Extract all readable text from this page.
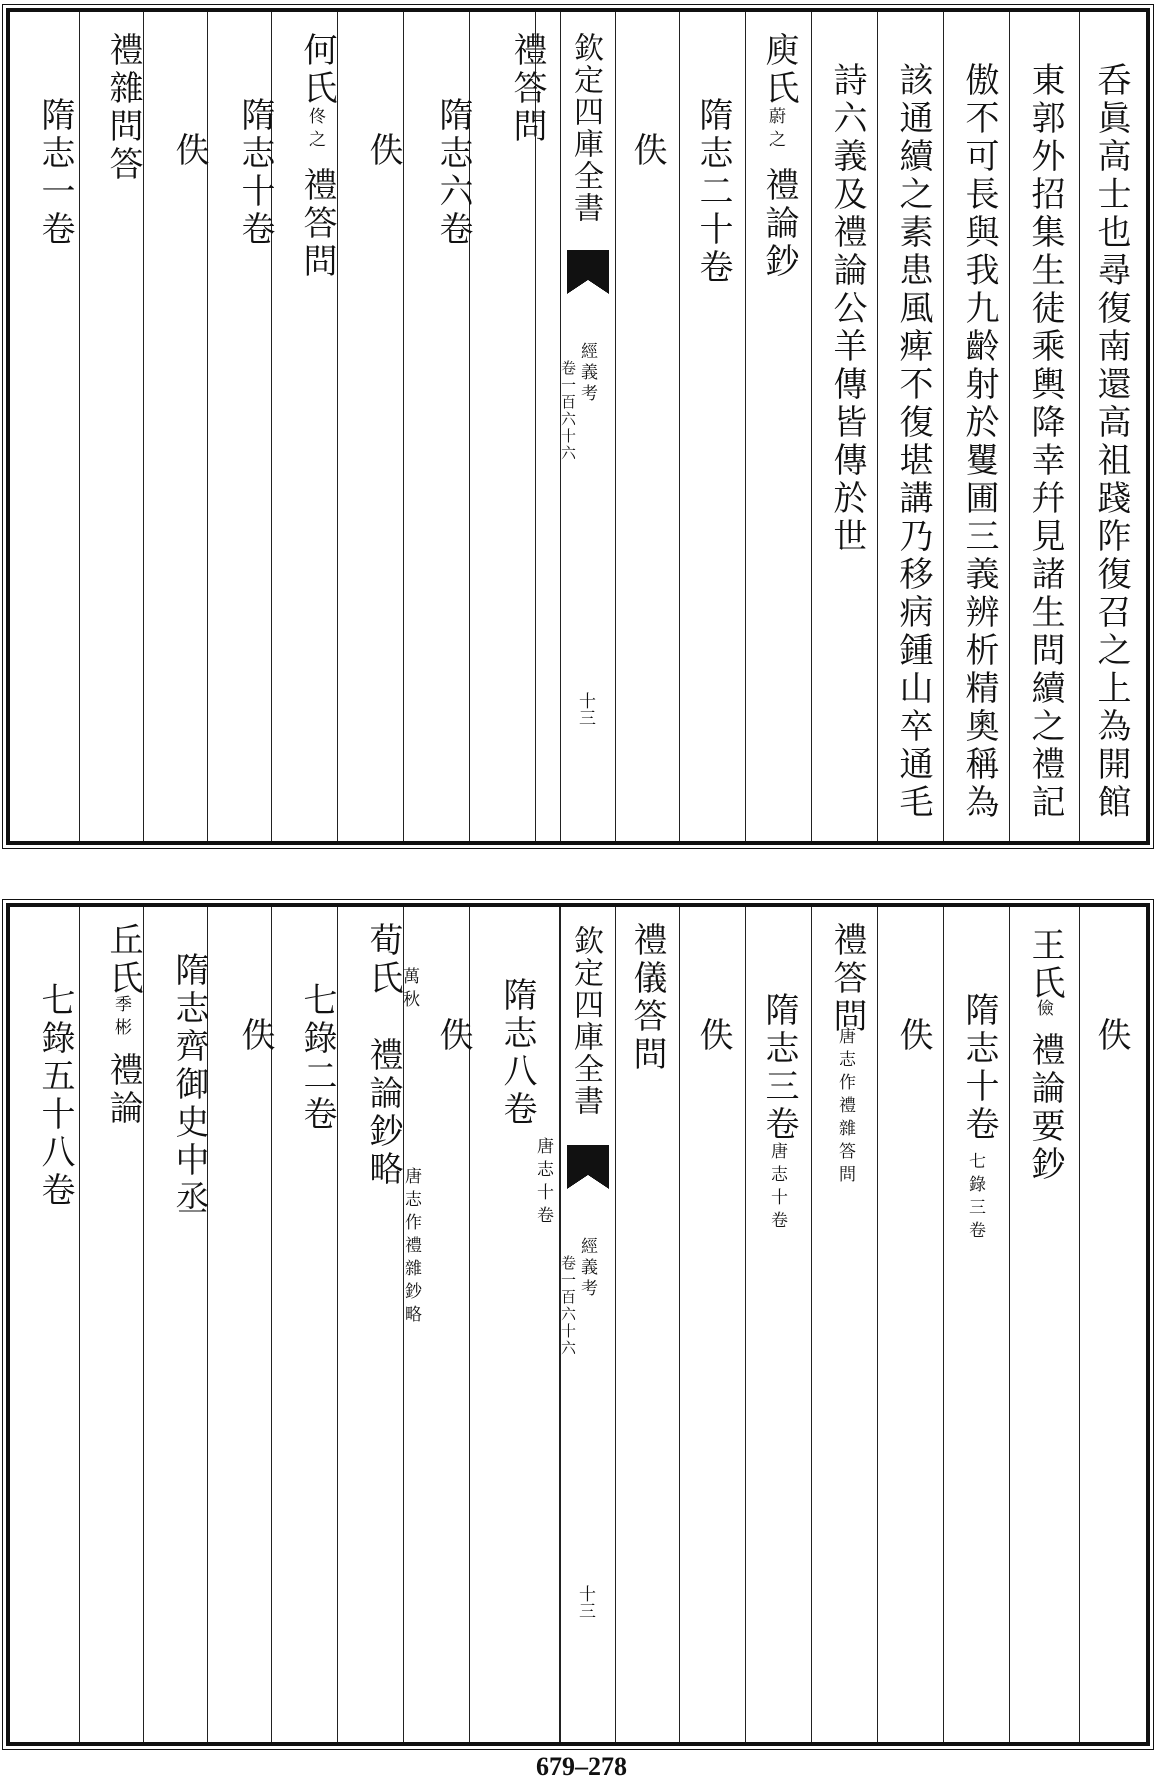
呑眞高士也尋復南還高祖踐阼復召之上為開館
東郭外招集生徒乘輿降幸幷見諸生問續之禮記
傲不可長與我九齡射於矍圃三義辨析精奧稱為
該通續之素患風痺不復堪講乃移病鍾山卒通毛
詩六義及禮論公羊傳皆傳於世
庾氏
蔚之
禮論鈔
隋志二十卷
佚
欽定四庫全書
經義考
卷一百六十六
十三
禮答問
隋志六卷
佚
何氏
佟之
禮答問
隋志十卷
佚
禮雜問答
隋志一卷
佚
王氏
儉
禮論要鈔
隋志十卷
七錄三卷
佚
禮答問
唐志作禮雜答問
隋志三卷
唐志十卷
佚
禮儀答問
欽定四庫全書
經義考
卷一百六十六
十三
隋志八卷
唐志十卷
佚
荀氏
萬秋
禮論鈔略
唐志作禮雜鈔略
七錄二卷
佚
隋志齊御史中丞
丘氏
季彬
禮論
七錄五十八卷
679–278
